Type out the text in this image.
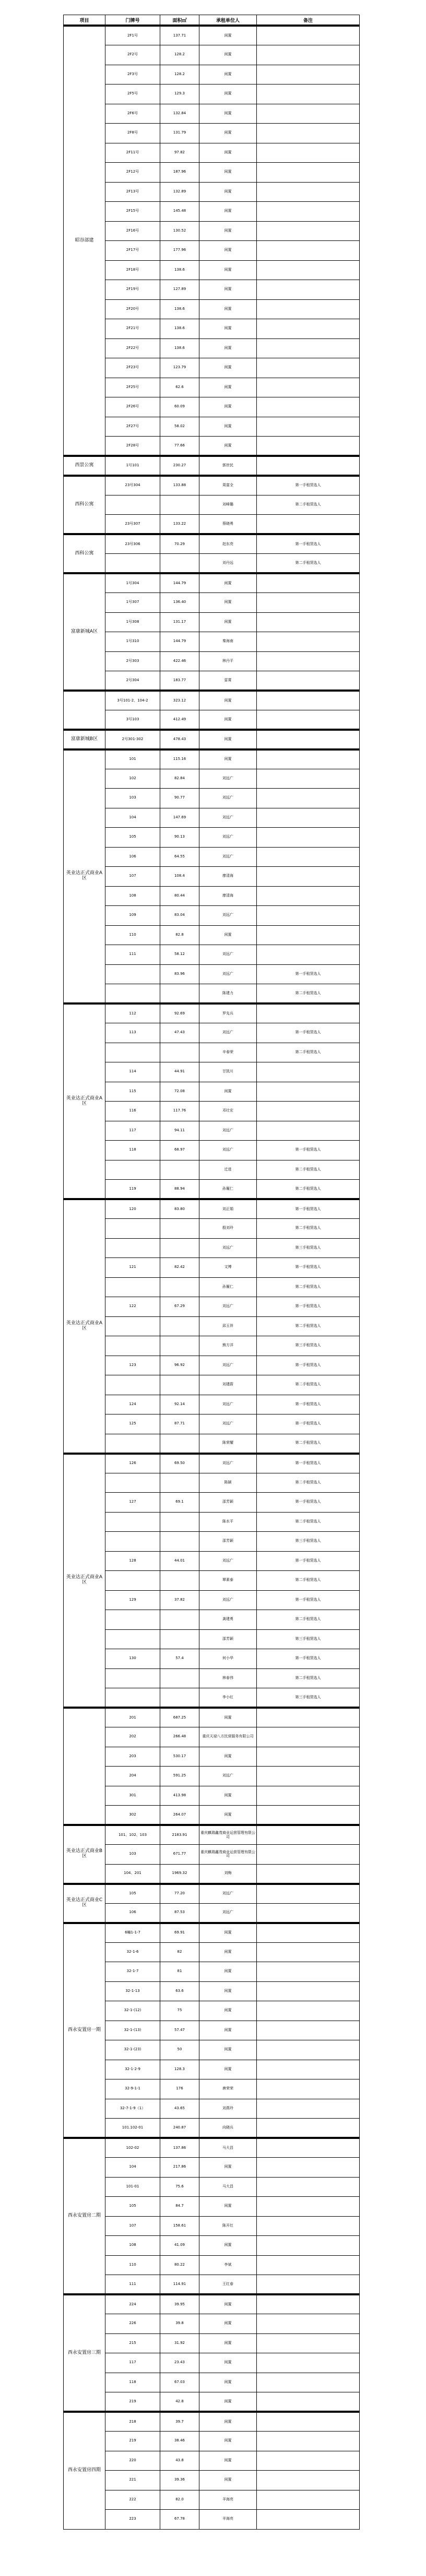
项目	门牌号	面积㎡	承租单位人	备注
昭谷部建	2F1号	137.71	闲置	
	2F2号	128.2	闲置	
	2F3号	128.2	闲置	
	2F5号	129.3	闲置	
	2F6号	132.84	闲置	
	2F8号	131.79	闲置	
	2F11号	97.82	闲置	
	2F12号	187.96	闲置	
	2F13号	132.89	闲置	
	2F15号	145.48	闲置	
	2F16号	130.52	闲置	
	2F17号	177.96	闲置	
	2F18号	138.6	闲置	
	2F19号	127.89	闲置	
	2F20号	138.6	闲置	
	2F21号	138.6	闲置	
	2F22号	138.6	闲置	
	2F23号	123.79	闲置	
	2F25号	62.6	闲置	
	2F26号	60.09	闲置	
	2F27号	58.02	闲置	
	2F28号	77.66	闲置	
西景公寓	1号101	230.27	郭世民	
西科公寓	23号304	133.88	周富全	第一手租赁选人
			刘峰璐	第二手租赁选人
	23号307	133.22	蔡晓勇	
西科公寓	23号306	70.29	赵东亮	第一手租赁选人
			刘丹远	第二手租赁选人
富康新城A区	1号304	144.79	闲置	
	1号307	136.40	闲置	
	1号308	131.17	闲置	
	1号310	144.79	秦海南	
	2号303	422.46	林丹平	
	2号304	183.77	雷霄	
	3号101-2、104-2	323.12	闲置	
	3号103	412.49	闲置	
富康新城B区	2号301-302	478.43	闲置	
英业达正式商业A区	101	115.16	闲置	
	102	82.84	刘远广	
	103	90.77	刘远广	
	104	147.69	刘远广	
	105	90.13	刘远广	
	106	64.55	刘远广	
	107	108.4	廖清海	
	108	80.44	廖清海	
	109	83.04	刘远广	
	110	82.8	闲置	
	111	58.12	刘远广	
		83.96	刘远广	第一手租赁选人
			陈建力	第二手租赁选人
英业达正式商业A区	112	92.69	罗先兵	
	113	47.43	刘远广	第一手租赁选人
			辛春荣	第二手租赁选人
	114	44.91	甘凯川	
	115	72.08	闲置	
	116	117.76	邓壮宏	
	117	94.11	刘远广	
	118	68.97	刘远广	第一手租赁选人
			迁进	第二手租赁选人
	119	88.94	孙履仁	第二手租赁选人
英业达正式商业A区	120	83.80	刘正娟	第一手租赁选人
			殷刘玲	第二手租赁选人
			刘远广	第三手租赁选人
	121	82.42	文博	第一手租赁选人
			孙履仁	第二手租赁选人
	122	67.29	刘远广	第一手租赁选人
			邱玉祥	第二手租赁选人
			熊方洋	第三手租赁选人
	123	96.92	刘远广	第一手租赁选人
			刘建蔚	第二手租赁选人
	124	92.14	刘远广	第一手租赁选人
	125	87.71	刘远广	第一手租赁选人
			陈荣耀	第二手租赁选人
英业达正式商业A区	126	69.50	刘远广	第一手租赁选人
			陈颖	第二手租赁选人
	127	69.1	邵芳颖	第一手租赁选人
			陈水平	第二手租赁选人
			邵芳颖	第三手租赁选人
	128	44.01	刘远广	第一手租赁选人
			覃素泰	第二手租赁选人
	129	37.82	刘远广	第一手租赁选人
			龚建勇	第二手租赁选人
			邵芳颖	第三手租赁选人
	130	57.4	何小华	第一手租赁选人
			林春伟	第二手租赁选人
			李小红	第三手租赁选人
	201	687.25	闲置	
	202	266.48	重庆天禄八方民营服务有限公司	
	203	530.17	闲置	
	204	591.25	刘远广	
	301	413.98	闲置	
	302	264.07	闲置	
英业达正式商业B区	101、102、103	2183.91	重庆麒瑞鑫茂商业运营管理有限公司	
	103	671.77	重庆麒瑞鑫茂商业运营管理有限公司	
	104、201	1969.32	刘梅	
英业达正式商业C区	105	77.20	刘远广	
	106	87.53	刘远广	
西永安置房一期	6幢1-1-7	69.91	闲置	
	32-1-6	82	闲置	
	32-1-7	81	闲置	
	32-1-13	63.6	闲置	
	32-1-(12)	75	闲置	
	32-1-(13)	57.47	闲置	
	32-1-(23)	50	闲置	
	32-1-2-9	128.3	闲置	
	32-9-1-1	176	唐荣荣	
	32-7-1-9（1）	43.65	刘燕玲	
	101.102-01	240.87	向晓兵	
西永安置房二期	102-02	137.86	马大昌	
	104	217.86	闲置	
	101-01	75.6	马大昌	
	105	84.7	闲置	
	107	158.61	陈开红	
	108	41.09	闲置	
	110	80.22	李斌	
	111	114.91	王红春	
西永安置房三期	224	39.95	闲置	
	226	39.8	闲置	
	215	31.92	闲置	
	117	23.43	闲置	
	118	67.03	闲置	
	219	42.8	闲置	
西永安置房四期	218	39.7	闲置	
	219	38.46	闲置	
	220	43.8	闲置	
	221	39.36	闲置	
	222	82.0	羊海亮	
	223	67.78	羊海亮	
